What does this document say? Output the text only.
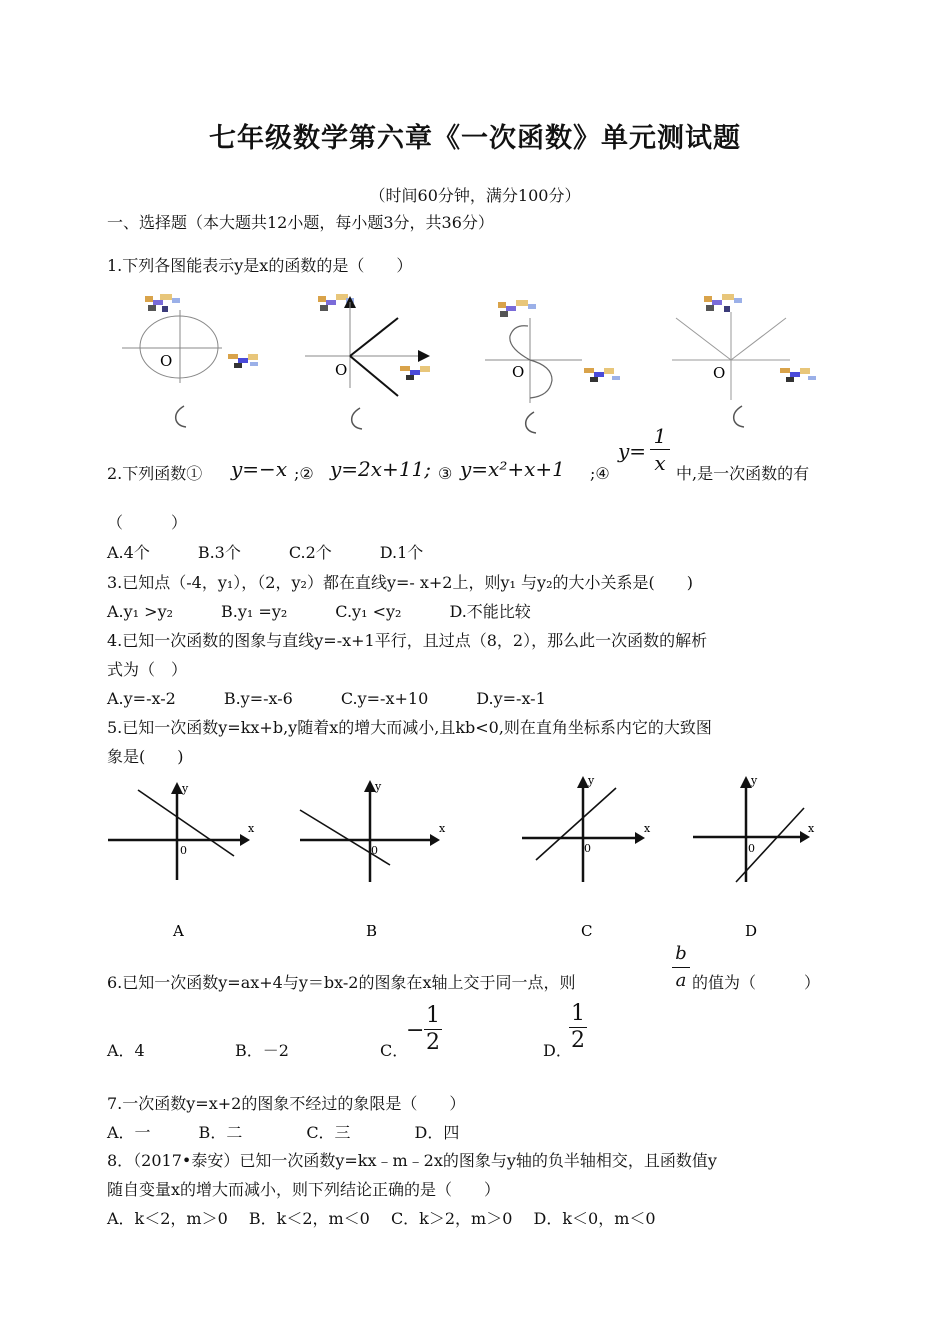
七年级数学第六章《一次函数》单元测试题
（时间60分钟，满分100分）
一、选择题（本大题共12小题，每小题3分，共36分）
1.下列各图能表示y是x的函数的是（　　）
O	O	O	O
2.下列函数① y=−x ;② y=2x+11; ③ y=x²+x+1 ;④
y=
1
x 中,是一次函数的有
（　　　）
A.4个　　　B.3个　　　C.2个　　　D.1个
3.已知点（-4，y₁），（2，y₂）都在直线y=- x+2上，则y₁ 与y₂的大小关系是(　　)
A.y₁ >y₂　　　B.y₁ =y₂　　　C.y₁ <y₂　　　D.不能比较
4.已知一次函数的图象与直线y=-x+1平行，且过点（8，2），那么此一次函数的解析
式为（　）
A.y=-x-2　　　B.y=-x-6　　　C.y=-x+10　　　D.y=-x-1
5.已知一次函数y=kx+b,y随着x的增大而减小,且kb<0,则在直角坐标系内它的大致图
象是(　　)
x
y
0
A
x
y
0
B
x
y
0
C
x
y
0
D
6.已知一次函数y=ax+4与y＝bx-2的图象在x轴上交于同一点，则
b
a 的值为（　　　）
A．4	B．－2	C．
−
1
2	D．
1
2
7.一次函数y=x+2的图象不经过的象限是（　　）
A．一　　　B．二　　　　C．三　　　　D．四
8．（2017•泰安）已知一次函数y=kx﹣m﹣2x的图象与y轴的负半轴相交，且函数值y
随自变量x的增大而减小，则下列结论正确的是（　　）
A．k＜2，m＞0　 B．k＜2，m＜0　 C．k＞2，m＞0　 D．k＜0，m＜0
